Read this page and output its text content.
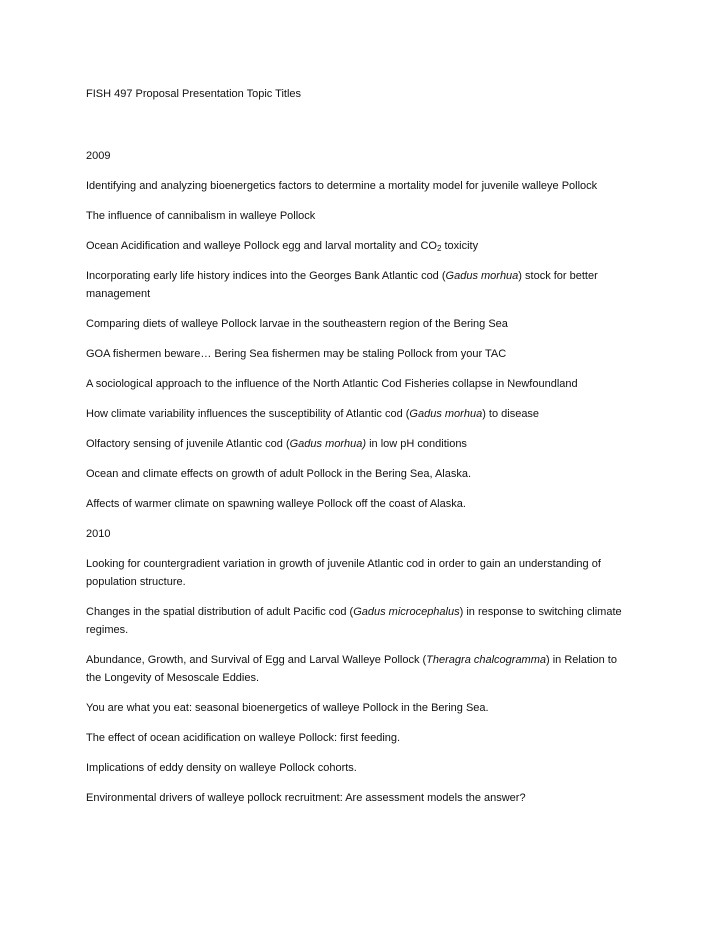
FISH 497 Proposal Presentation Topic Titles

2009

Identifying and analyzing bioenergetics factors to determine a mortality model for juvenile walleye Pollock

The influence of cannibalism in walleye Pollock

Ocean Acidification and walleye Pollock egg and larval mortality and $CO_2$ toxicity

Incorporating early life history indices into the Georges Bank Atlantic cod (Gadus morhua) stock for better management

Comparing diets of walleye Pollock larvae in the southeastern region of the Bering Sea

GOA fishermen beware… Bering Sea fishermen may be staling Pollock from your TAC

A sociological approach to the influence of the North Atlantic Cod Fisheries collapse in Newfoundland

How climate variability influences the susceptibility of Atlantic cod (Gadus morhua) to disease

Olfactory sensing of juvenile Atlantic cod (Gadus morhua) in low pH conditions

Ocean and climate effects on growth of adult Pollock in the Bering Sea, Alaska.

Affects of warmer climate on spawning walleye Pollock off the coast of Alaska.

2010

Looking for countergradient variation in growth of juvenile Atlantic cod in order to gain an understanding of population structure.

Changes in the spatial distribution of adult Pacific cod (Gadus microcephalus) in response to switching climate regimes.

Abundance, Growth, and Survival of Egg and Larval Walleye Pollock (Theragra chalcogramma) in Relation to the Longevity of Mesoscale Eddies.

You are what you eat: seasonal bioenergetics of walleye Pollock in the Bering Sea.

The effect of ocean acidification on walleye Pollock: first feeding.

Implications of eddy density on walleye Pollock cohorts.

Environmental drivers of walleye pollock recruitment: Are assessment models the answer?
